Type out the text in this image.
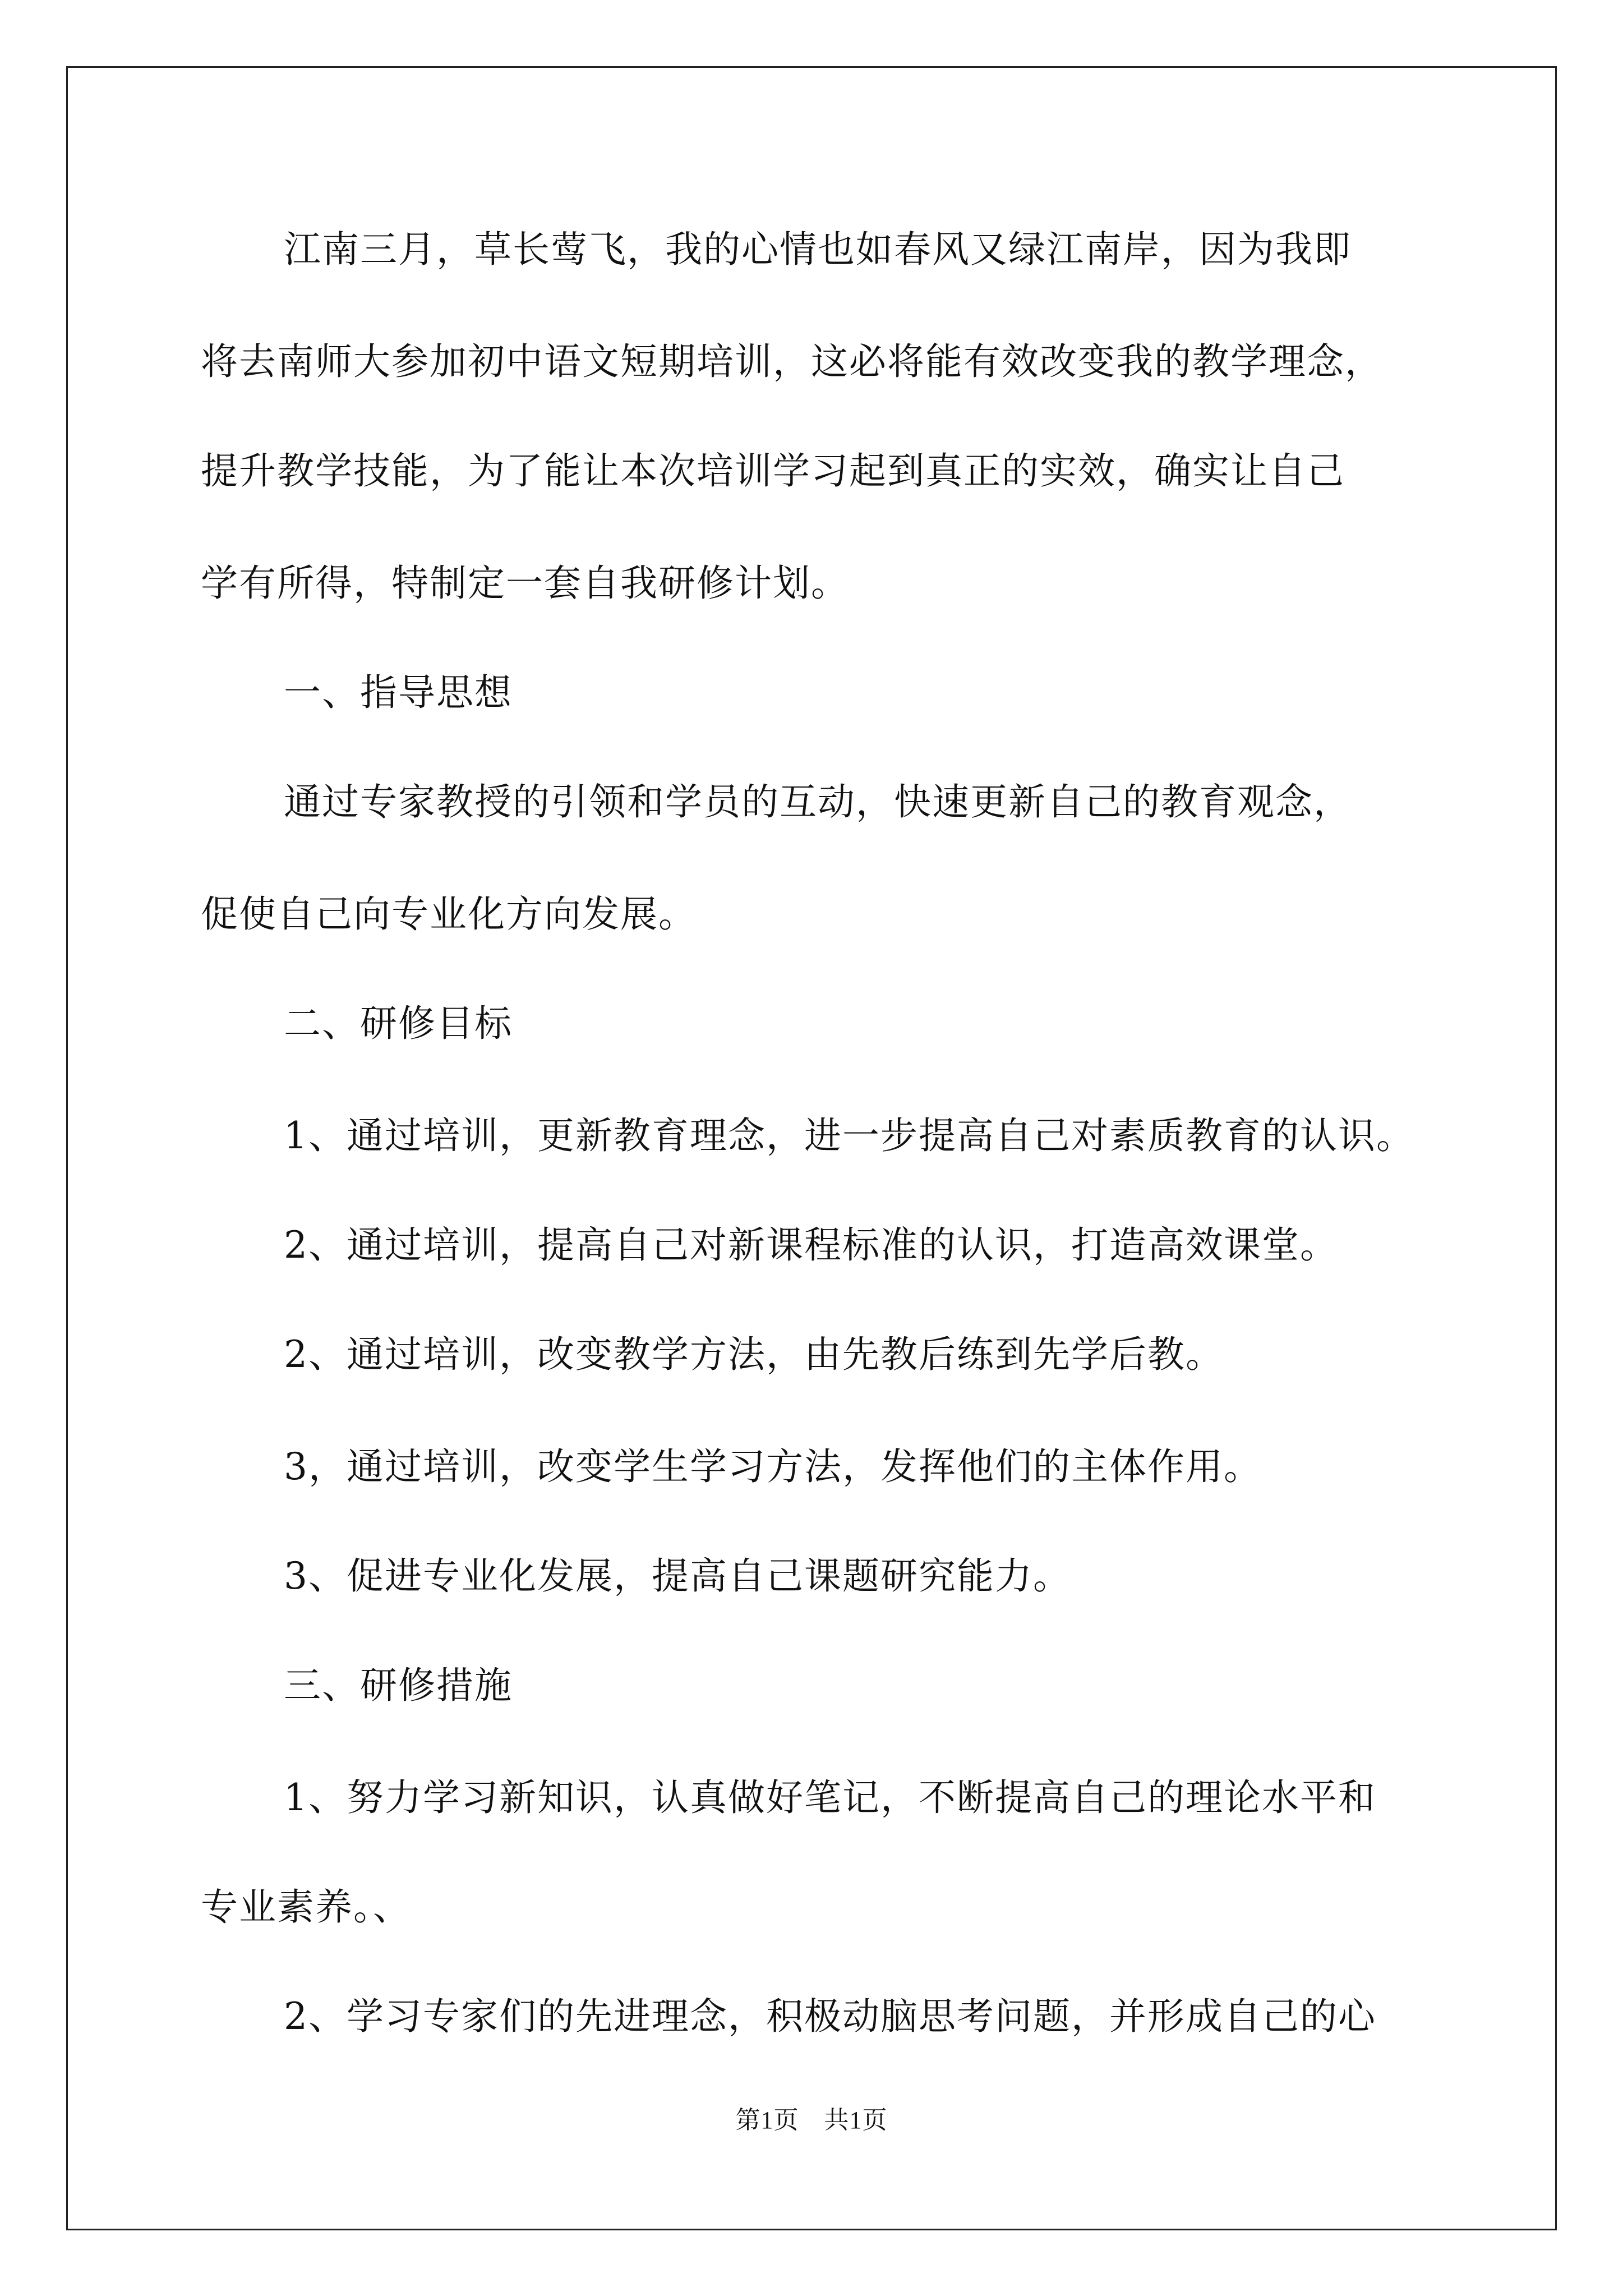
江南三月，草长莺飞，我的心情也如春风又绿江南岸，因为我即
将去南师大参加初中语文短期培训，这必将能有效改变我的教学理念，
提升教学技能，为了能让本次培训学习起到真正的实效，确实让自己
学有所得，特制定一套自我研修计划。
一、指导思想
通过专家教授的引领和学员的互动，快速更新自己的教育观念，
促使自己向专业化方向发展。
二、研修目标
1、通过培训，更新教育理念，进一步提高自己对素质教育的认识。
2、通过培训，提高自己对新课程标准的认识，打造高效课堂。
2、通过培训，改变教学方法，由先教后练到先学后教。
3，通过培训，改变学生学习方法，发挥他们的主体作用。
3、促进专业化发展，提高自己课题研究能力。
三、研修措施
1、努力学习新知识，认真做好笔记，不断提高自己的理论水平和
专业素养。、
2、学习专家们的先进理念，积极动脑思考问题，并形成自己的心
第1页　共1页
